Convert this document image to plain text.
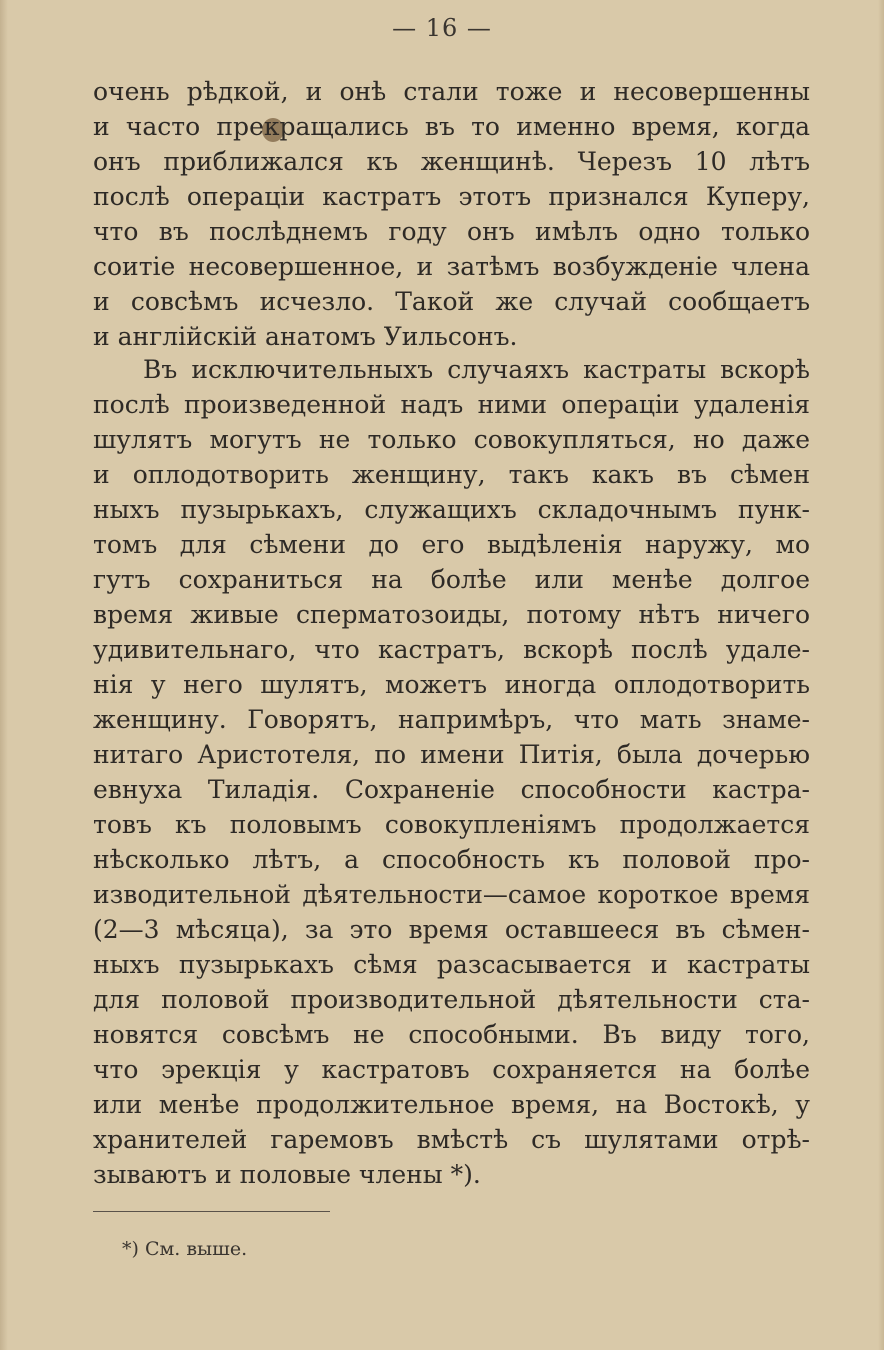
— 16 —
очень рѣдкой, и онѣ стали тоже и несовершенны
и часто прекращались въ то именно время, когда
онъ приближался къ женщинѣ. Черезъ 10 лѣтъ
послѣ операціи кастратъ этотъ признался Куперу,
что въ послѣднемъ году онъ имѣлъ одно только
соитіе несовершенное, и затѣмъ возбужденіе члена
и совсѣмъ исчезло. Такой же случай сообщаетъ
и англійскій анатомъ Уильсонъ.
Въ исключительныхъ случаяхъ кастраты вскорѣ
послѣ произведенной надъ ними операціи удаленія
шулятъ могутъ не только совокупляться, но даже
и оплодотворить женщину, такъ какъ въ сѣмен
ныхъ пузырькахъ, служащихъ складочнымъ пунк-
томъ для сѣмени до его выдѣленія наружу, мо
гутъ сохраниться на болѣе или менѣе долгое
время живые сперматозоиды, потому нѣтъ ничего
удивительнаго, что кастратъ, вскорѣ послѣ удале-
нія у него шулятъ, можетъ иногда оплодотворить
женщину. Говорятъ, напримѣръ, что мать знаме-
нитаго Аристотеля, по имени Питія, была дочерью
евнуха Тиладія. Сохраненіе способности кастра-
товъ къ половымъ совокупленіямъ продолжается
нѣсколько лѣтъ, а способность къ половой про-
изводительной дѣятельности—самое короткое время
(2—3 мѣсяца), за это время оставшееся въ сѣмен-
ныхъ пузырькахъ сѣмя разсасывается и кастраты
для половой производительной дѣятельности ста-
новятся совсѣмъ не способными. Въ виду того,
что эрекція у кастратовъ сохраняется на болѣе
или менѣе продолжительное время, на Востокѣ, у
хранителей гаремовъ вмѣстѣ съ шулятами отрѣ-
зываютъ и половые члены *).
*) См. выше.
